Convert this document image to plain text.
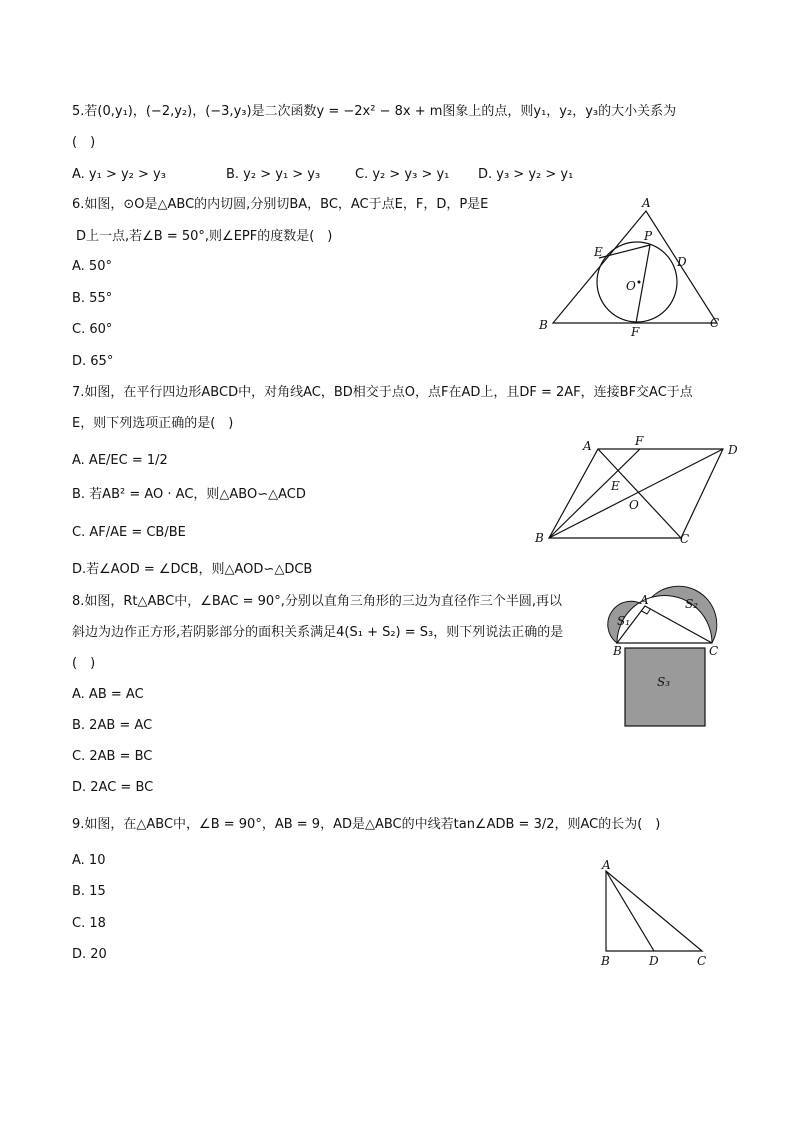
5.若(0,y₁)，(−2,y₂)，(−3,y₃)是二次函数y = −2x² − 8x + m图象上的点，则y₁，y₂，y₃的大小关系为
(　)
A. y₁ > y₂ > y₃	B. y₂ > y₁ > y₃	C. y₂ > y₃ > y₁ D. y₃ > y₂ > y₁
6.如图，⊙O是△ABC的内切圆,分别切BA，BC，AC于点E，F，D，P是E
D上一点,若∠B = 50°,则∠EPF的度数是(　)
A. 50°
B. 55°
C. 60°
D. 65°
A
E
P
D
O
B	F
C
7.如图，在平行四边形ABCD中，对角线AC，BD相交于点O，点F在AD上，且DF = 2AF，连接BF交AC于点
E，则下列选项正确的是(　)
A. AE/EC = 1/2
B. 若AB² = AO · AC，则△ABO∽△ACD
C. AF/AE = CB/BE
D.若∠AOD = ∠DCB，则△AOD∽△DCB
A	F
D
E
O
B	C
8.如图，Rt△ABC中，∠BAC = 90°,分别以直角三角形的三边为直径作三个半圆,再以
斜边为边作正方形,若阴影部分的面积关系满足4(S₁ + S₂) = S₃，则下列说法正确的是
(　)
A. AB = AC
B. 2AB = AC
C. 2AB = BC
D. 2AC = BC
A
S₁
S₂
B	C
S₃
9.如图，在△ABC中，∠B = 90°，AB = 9，AD是△ABC的中线若tan∠ADB = 3/2，则AC的长为(　)
A. 10
B. 15
C. 18
D. 20
A
B	D	C
